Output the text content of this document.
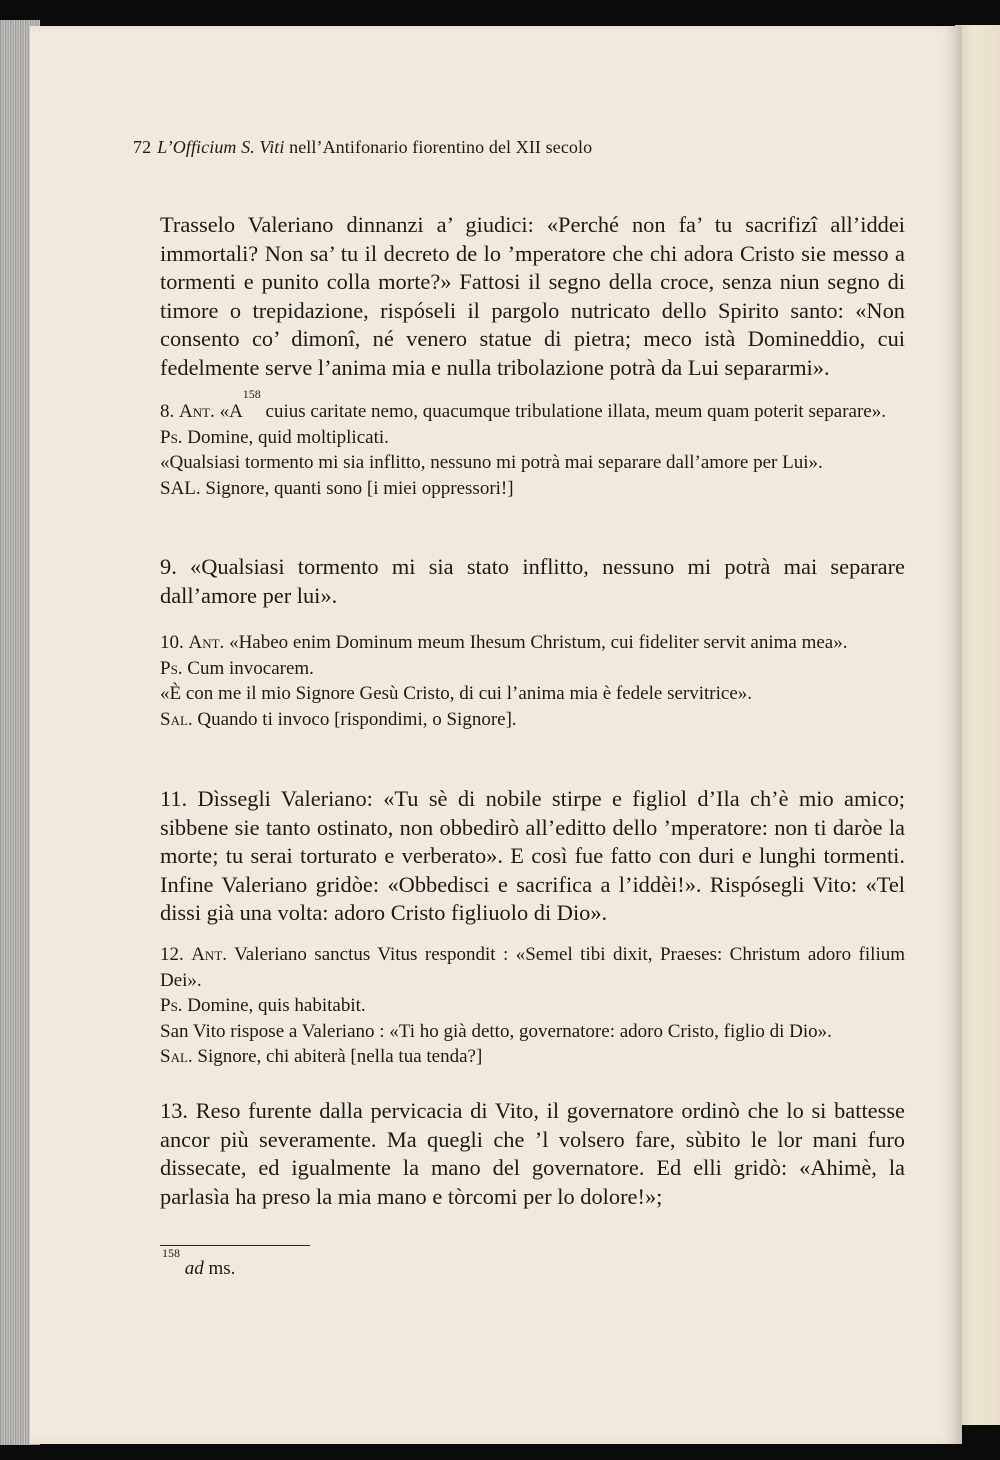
72 L’Officium S. Viti nell’Antifonario fiorentino del XII secolo
Trasselo Valeriano dinnanzi a’ giudici: «Perché non fa’ tu sacrifizî all’iddei immortali? Non sa’ tu il decreto de lo ’mperatore che chi adora Cristo sie messo a tormenti e punito colla morte?» Fattosi il segno della croce, senza niun segno di timore o trepidazione, rispóseli il pargolo nutricato dello Spirito santo: «Non consento co’ dimonî, né venero statue di pietra; meco istà Domineddio, cui fedelmente serve l’anima mia e nulla tribolazione potrà da Lui separarmi».
8. Ant. «$A^{158}$ cuius caritate nemo, quacumque tribulatione illata, meum quam poterit separare».
Ps. Domine, quid moltiplicati.
«Qualsiasi tormento mi sia inflitto, nessuno mi potrà mai separare dall’amore per Lui».
SAL. Signore, quanti sono [i miei oppressori!]
9. «Qualsiasi tormento mi sia stato inflitto, nessuno mi potrà mai separare dall’amore per lui».
10. Ant. «Habeo enim Dominum meum Ihesum Christum, cui fideliter servit anima mea».
Ps. Cum invocarem.
«È con me il mio Signore Gesù Cristo, di cui l’anima mia è fedele servitrice».
Sal. Quando ti invoco [rispondimi, o Signore].
11. Dìssegli Valeriano: «Tu sè di nobile stirpe e figliol d’Ila ch’è mio amico; sibbene sie tanto ostinato, non obbedirò all’editto dello ’mperatore: non ti daròe la morte; tu serai torturato e verberato». E così fue fatto con duri e lunghi tormenti. Infine Valeriano gridòe: «Obbedisci e sacrifica a l’iddèi!». Rispósegli Vito: «Tel dissi già una volta: adoro Cristo figliuolo di Dio».
12. Ant. Valeriano sanctus Vitus respondit : «Semel tibi dixit, Praeses: Christum adoro filium Dei».
Ps. Domine, quis habitabit.
San Vito rispose a Valeriano : «Ti ho già detto, governatore: adoro Cristo, figlio di Dio».
Sal. Signore, chi abiterà [nella tua tenda?]
13. Reso furente dalla pervicacia di Vito, il governatore ordinò che lo si battesse ancor più severamente. Ma quegli che ’l volsero fare, sùbito le lor mani furo dissecate, ed igualmente la mano del governatore. Ed elli gridò: «Ahimè, la parlasìa ha preso la mia mano e tòrcomi per lo dolore!»;
$^{158}$ ad ms.
